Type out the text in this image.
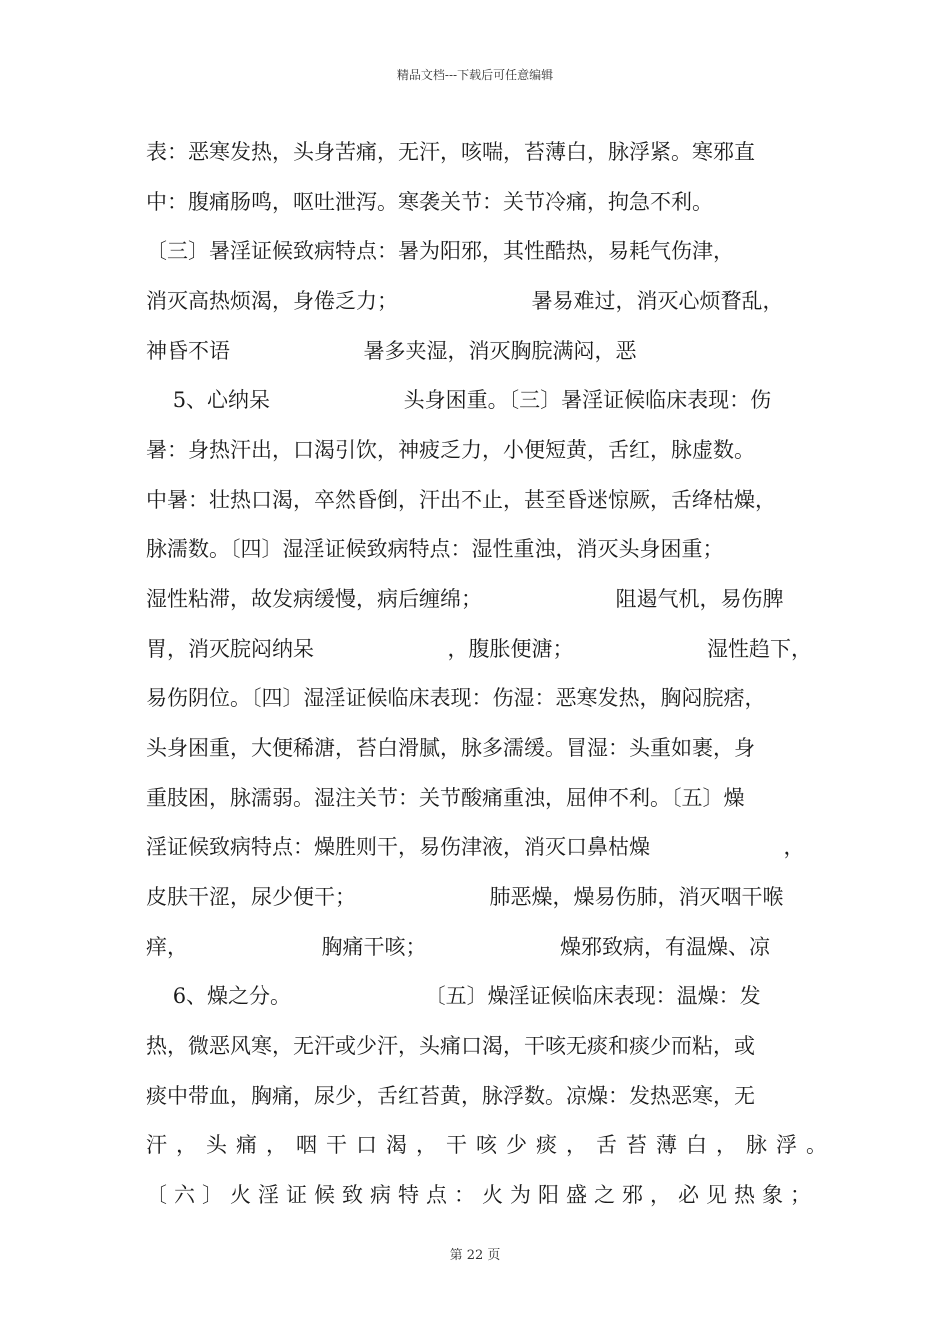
精品文档---下载后可任意编辑
表：恶寒发热，头身苦痛，无汗，咳喘，苔薄白，脉浮紧。寒邪直
中：腹痛肠鸣，呕吐泄泻。寒袭关节：关节冷痛，拘急不利。
〔三〕暑淫证候致病特点：暑为阳邪，其性酷热，易耗气伤津，
消灭高热烦渴，身倦乏力；                    暑易难过，消灭心烦瞀乱，
神昏不语                    暑多夹湿，消灭胸脘满闷，恶
5、心纳呆                    头身困重。〔三〕暑淫证候临床表现：伤
暑：身热汗出，口渴引饮，神疲乏力，小便短黄，舌红，脉虚数。
中暑：壮热口渴，卒然昏倒，汗出不止，甚至昏迷惊厥，舌绛枯燥，
脉濡数。〔四〕湿淫证候致病特点：湿性重浊，消灭头身困重；
湿性粘滞，故发病缓慢，病后缠绵；                    阻遏气机，易伤脾
胃，消灭脘闷纳呆                    ，腹胀便溏；                    湿性趋下，
易伤阴位。〔四〕湿淫证候临床表现：伤湿：恶寒发热，胸闷脘痞，
头身困重，大便稀溏，苔白滑腻，脉多濡缓。冒湿：头重如裹，身
重肢困，脉濡弱。湿注关节：关节酸痛重浊，屈伸不利。〔五〕燥
淫证候致病特点：燥胜则干，易伤津液，消灭口鼻枯燥                    ，
皮肤干涩，尿少便干；                    肺恶燥，燥易伤肺，消灭咽干喉
痒，                    胸痛干咳；                    燥邪致病，有温燥、凉
6、燥之分。                    〔五〕燥淫证候临床表现：温燥：发
热，微恶风寒，无汗或少汗，头痛口渴，干咳无痰和痰少而粘，或
痰中带血，胸痛，尿少，舌红苔黄，脉浮数。凉燥：发热恶寒，无
汗，头痛，咽干口渴，干咳少痰，舌苔薄白，脉浮。
〔六〕火淫证候致病特点：火为阳盛之邪，必见热象；
第 22 页
